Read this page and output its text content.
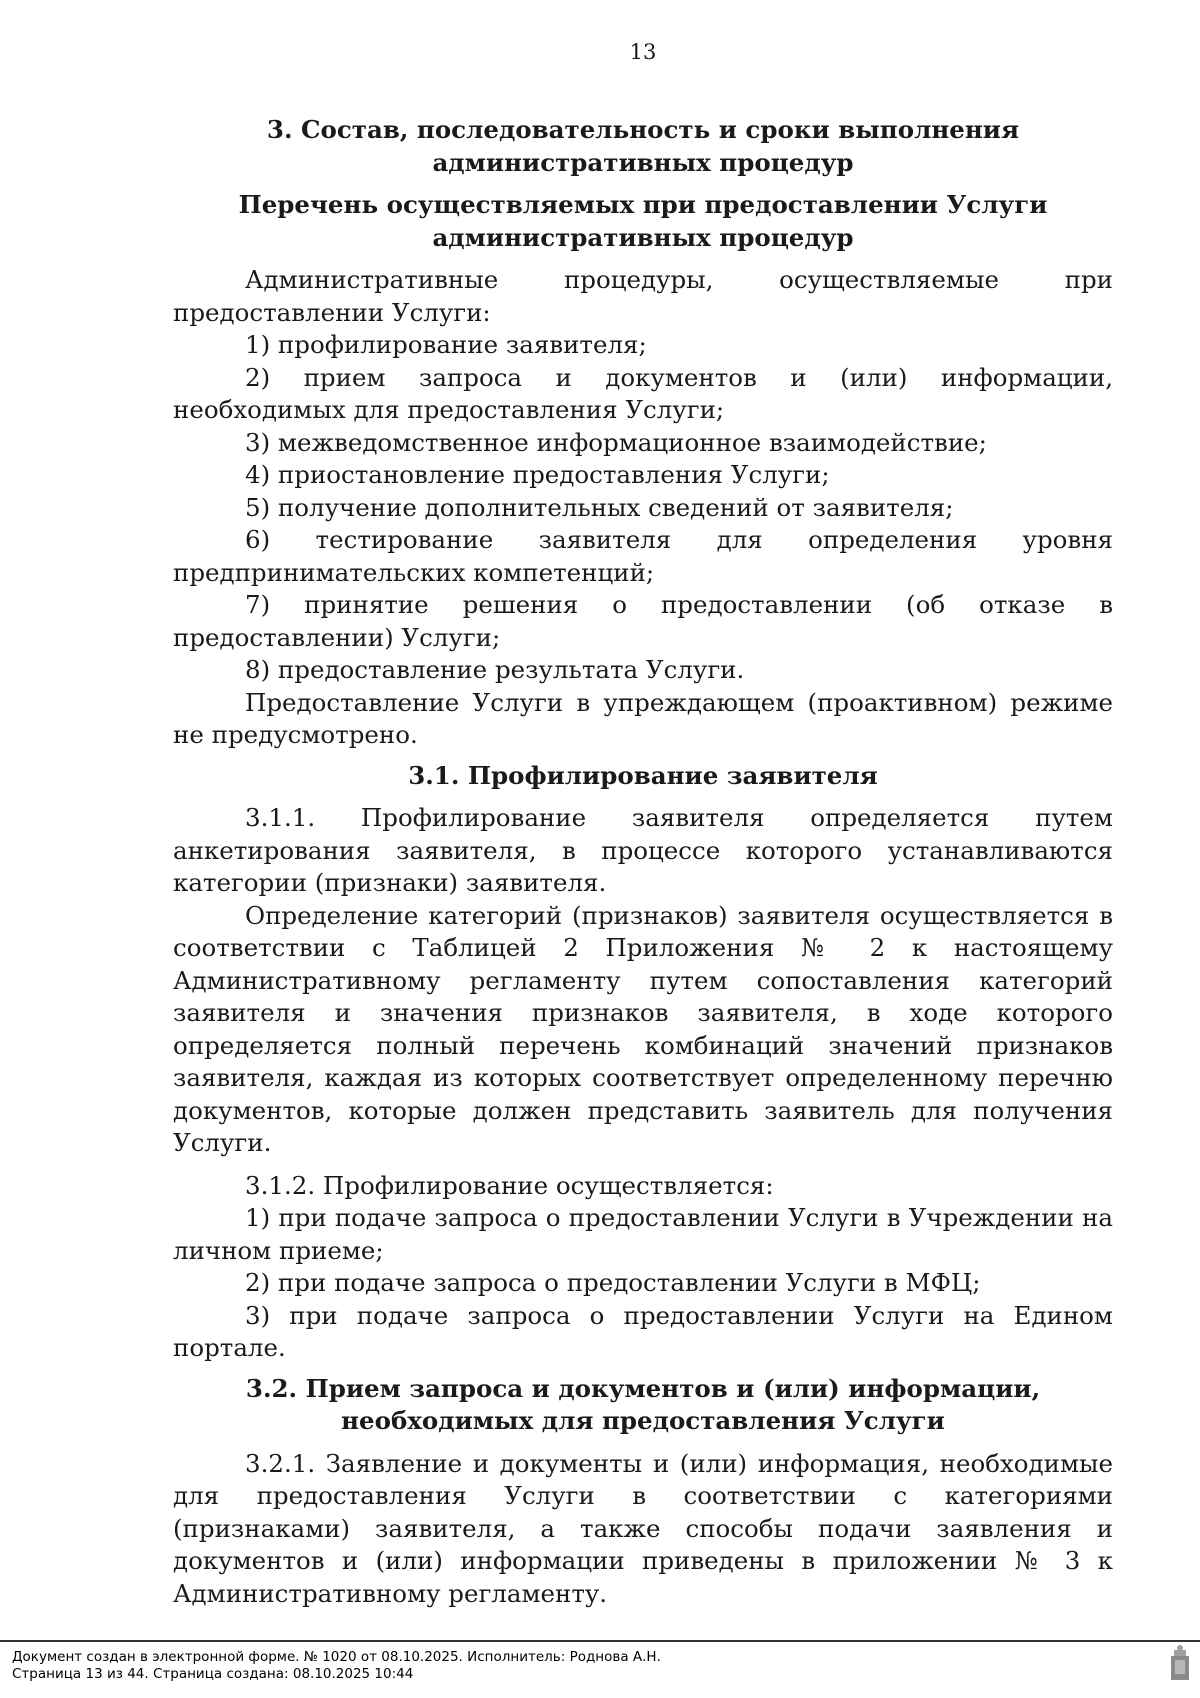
13
3. Состав, последовательность и сроки выполнения административных процедур
Перечень осуществляемых при предоставлении Услуги административных процедур

Административные процедуры, осуществляемые при предоставлении Услуги:

1) профилирование заявителя;

2) прием запроса и документов и (или) информации, необходимых для предоставления Услуги;

3) межведомственное информационное взаимодействие;

4) приостановление предоставления Услуги;

5) получение дополнительных сведений от заявителя;

6) тестирование заявителя для определения уровня предпринимательских компетенций;

7) принятие решения о предоставлении (об отказе в предоставлении) Услуги;

8) предоставление результата Услуги.

Предоставление Услуги в упреждающем (проактивном) режиме не предусмотрено.

3.1. Профилирование заявителя

3.1.1. Профилирование заявителя определяется путем анкетирования заявителя, в процессе которого устанавливаются категории (признаки) заявителя.

Определение категорий (признаков) заявителя осуществляется в соответствии с Таблицей 2 Приложения № 2 к настоящему Административному регламенту путем сопоставления категорий заявителя и значения признаков заявителя, в ходе которого определяется полный перечень комбинаций значений признаков заявителя, каждая из которых соответствует определенному перечню документов, которые должен представить заявитель для получения Услуги.

3.1.2. Профилирование осуществляется:

1) при подаче запроса о предоставлении Услуги в Учреждении на личном приеме;

2) при подаче запроса о предоставлении Услуги в МФЦ;

3) при подаче запроса о предоставлении Услуги на Едином портале.

3.2. Прием запроса и документов и (или) информации, необходимых для предоставления Услуги

3.2.1. Заявление и документы и (или) информация, необходимые для предоставления Услуги в соответствии с категориями (признаками) заявителя, а также способы подачи заявления и документов и (или) информации приведены в приложении № 3 к Административному регламенту.

Документ создан в электронной форме. № 1020 от 08.10.2025. Исполнитель: Роднова А.Н.
Страница 13 из 44. Страница создана: 08.10.2025 10:44
